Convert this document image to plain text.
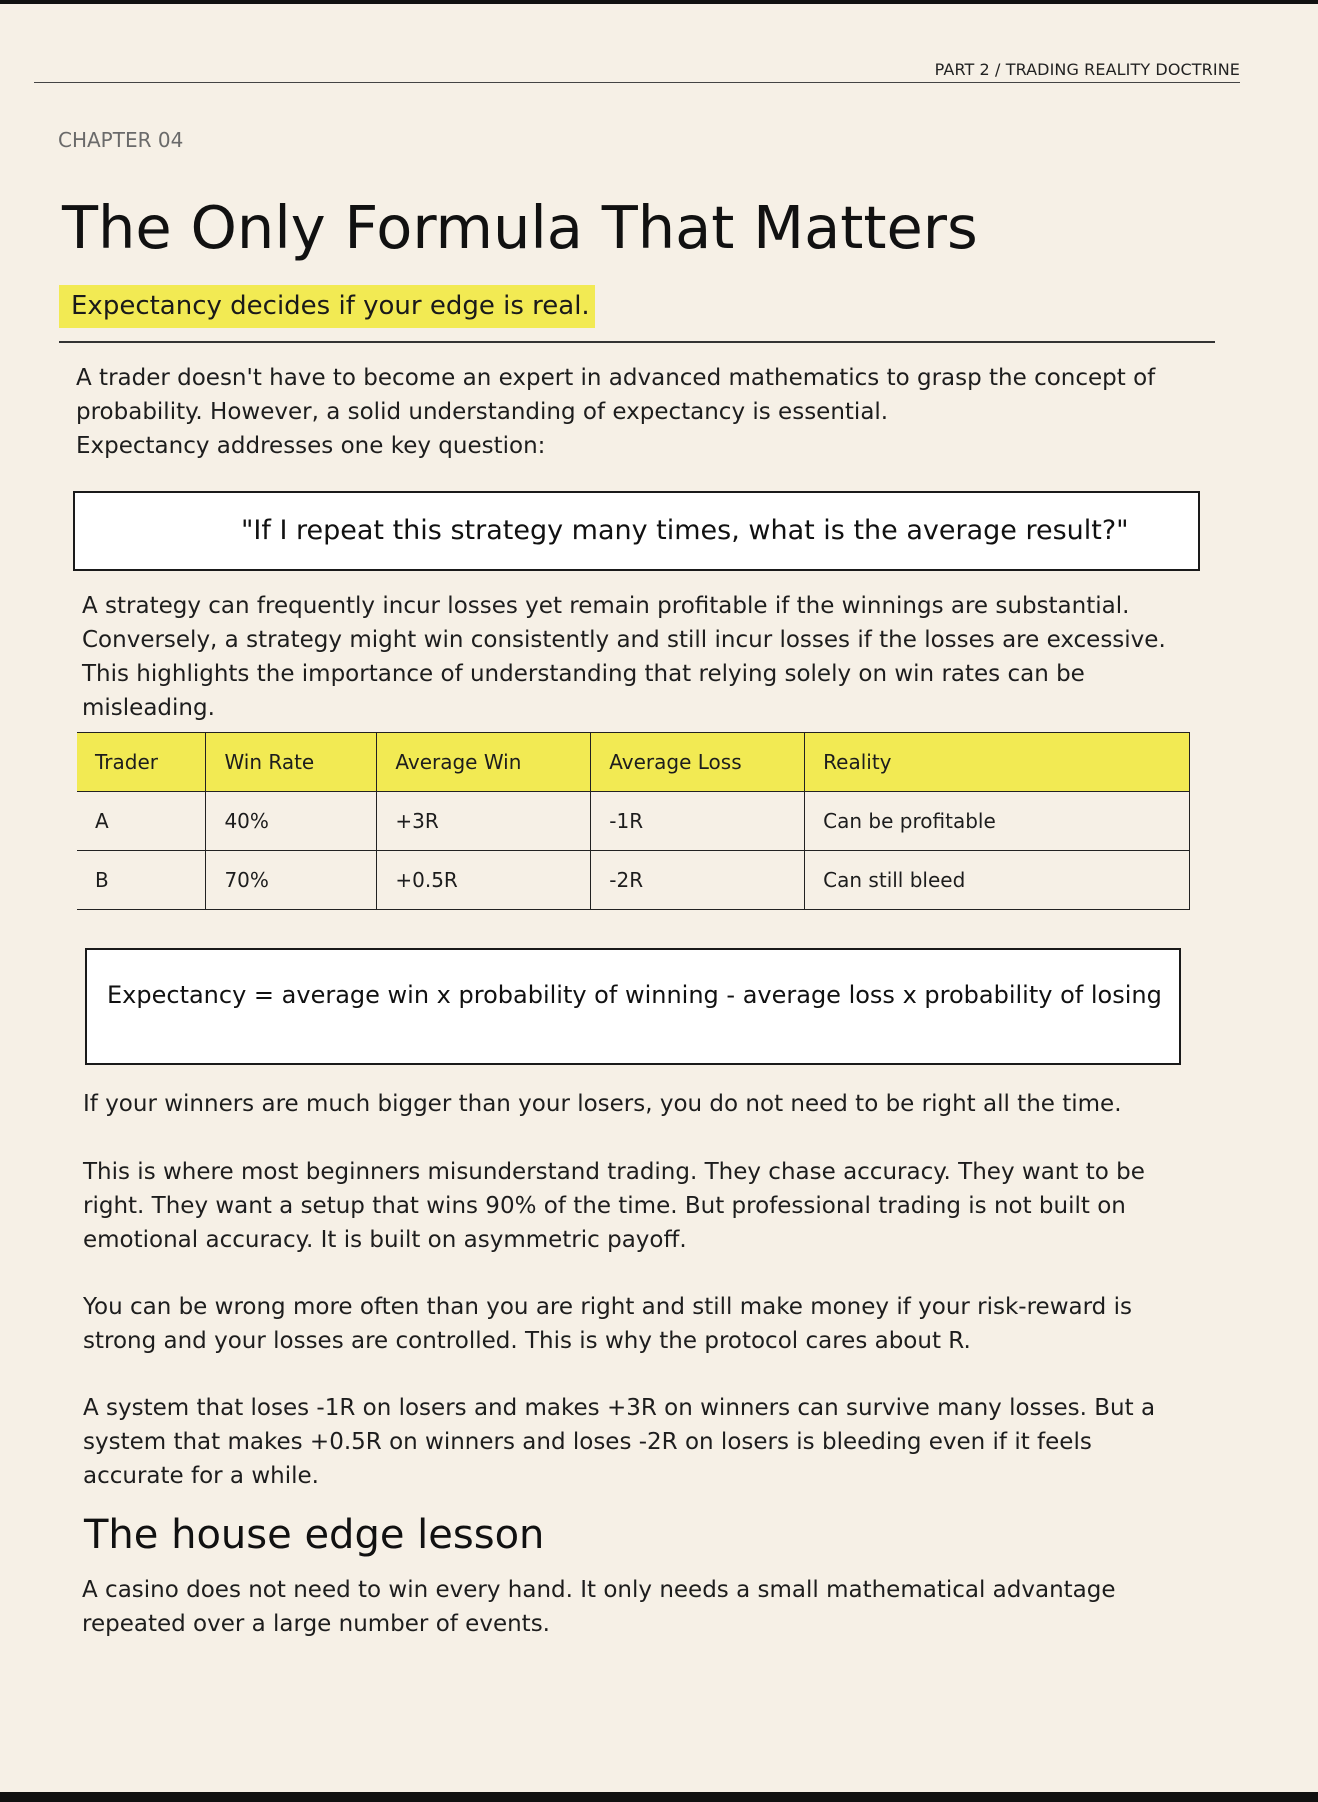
PART 2 / TRADING REALITY DOCTRINE
CHAPTER 04
The Only Formula That Matters
Expectancy decides if your edge is real.

A trader doesn't have to become an expert in advanced mathematics to grasp the concept of
probability. However, a solid understanding of expectancy is essential.
Expectancy addresses one key question:

"If I repeat this strategy many times, what is the average result?"

A strategy can frequently incur losses yet remain profitable if the winnings are substantial.
Conversely, a strategy might win consistently and still incur losses if the losses are excessive.
This highlights the importance of understanding that relying solely on win rates can be
misleading.

Trader	Win Rate	Average Win	Average Loss	Reality
A	40%	+3R	-1R	Can be profitable
B	70%	+0.5R	-2R	Can still bleed
Expectancy = average win x probability of winning - average loss x probability of losing

If your winners are much bigger than your losers, you do not need to be right all the time.

This is where most beginners misunderstand trading. They chase accuracy. They want to be
right. They want a setup that wins 90% of the time. But professional trading is not built on
emotional accuracy. It is built on asymmetric payoff.

You can be wrong more often than you are right and still make money if your risk-reward is
strong and your losses are controlled. This is why the protocol cares about R.

A system that loses -1R on losers and makes +3R on winners can survive many losses. But a
system that makes +0.5R on winners and loses -2R on losers is bleeding even if it feels
accurate for a while.

The house edge lesson

A casino does not need to win every hand. It only needs a small mathematical advantage
repeated over a large number of events.
